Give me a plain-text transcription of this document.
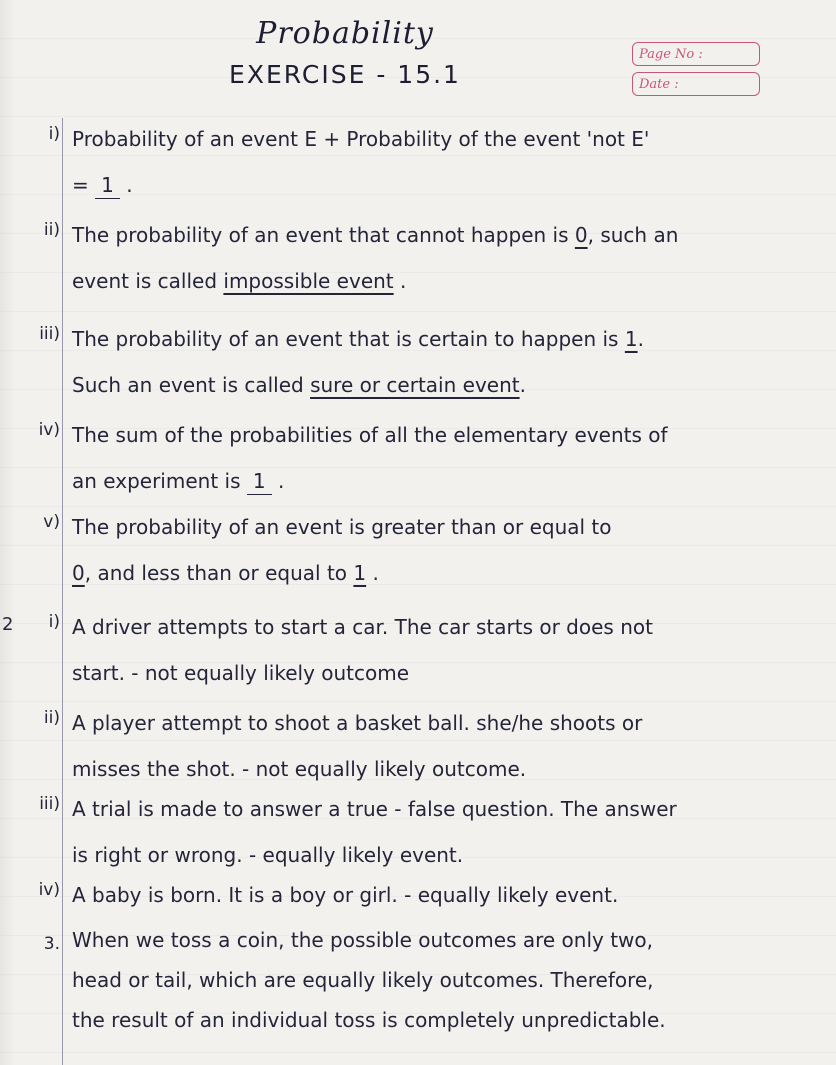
Probability
EXERCISE - 15.1
Page No :
Date :
i) Probability of an event E + Probability of the event 'not E'
= 1 .
ii) The probability of an event that cannot happen is 0, such an
event is called impossible event .
iii) The probability of an event that is certain to happen is 1.
Such an event is called sure or certain event.
iv) The sum of the probabilities of all the elementary events of
an experiment is 1 .
v) The probability of an event is greater than or equal to
0, and less than or equal to 1 .
2	i) A driver attempts to start a car. The car starts or does not
start. - not equally likely outcome
ii) A player attempt to shoot a basket ball. she/he shoots or
misses the shot. - not equally likely outcome.
iii) A trial is made to answer a true - false question. The answer
is right or wrong. - equally likely event.
iv) A baby is born. It is a boy or girl. - equally likely event.
3. When we toss a coin, the possible outcomes are only two,
head or tail, which are equally likely outcomes. Therefore,
the result of an individual toss is completely unpredictable.
